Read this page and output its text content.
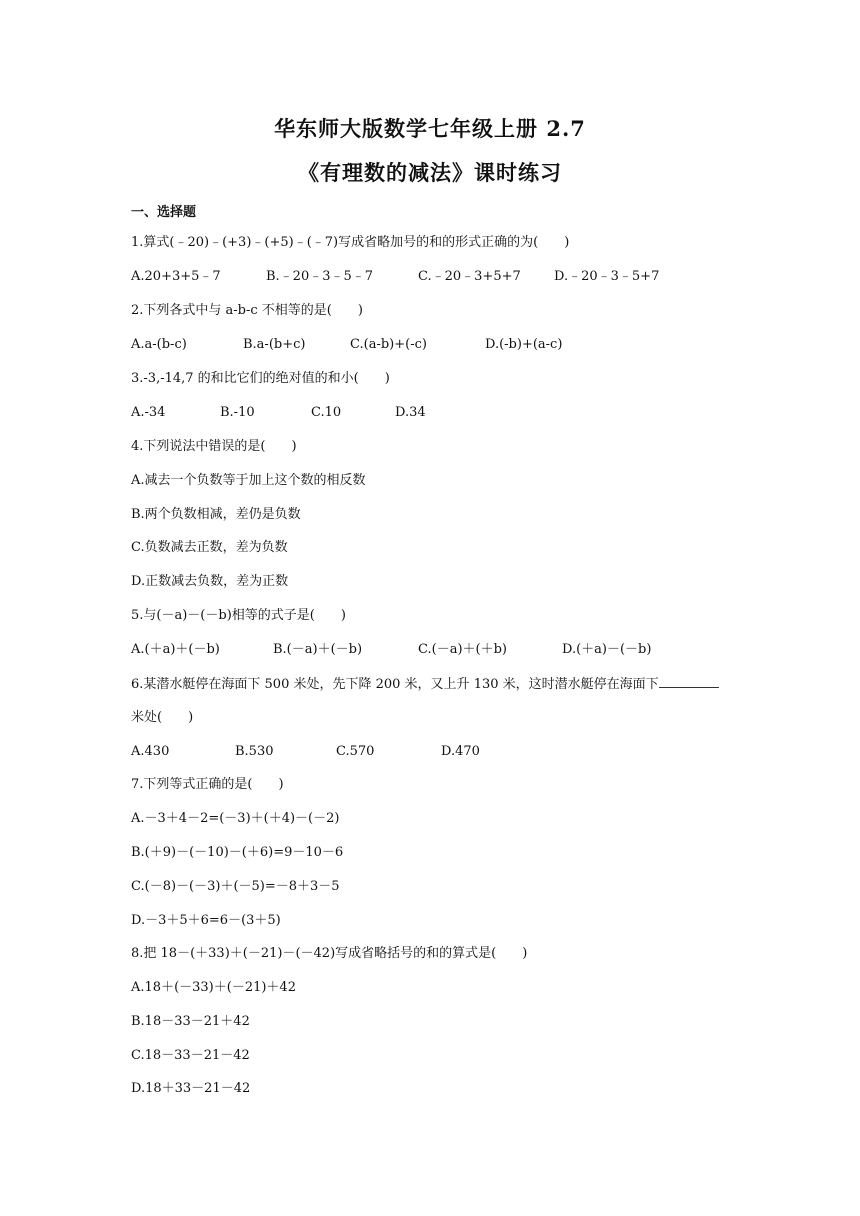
华东师大版数学七年级上册 2.7
《有理数的减法》课时练习
一、选择题
1.算式(﹣20)﹣(+3)﹣(+5)﹣(﹣7)写成省略加号的和的形式正确的为(　　)
A.20+3+5﹣7	B.﹣20﹣3﹣5﹣7	C.﹣20﹣3+5+7	D.﹣20﹣3﹣5+7
2.下列各式中与 a-b-c 不相等的是(　　)
A.a-(b-c)	B.a-(b+c)	C.(a-b)+(-c)	D.(-b)+(a-c)
3.-3,-14,7 的和比它们的绝对值的和小(　　)
A.-34	B.-10	C.10	D.34
4.下列说法中错误的是(　　)
A.减去一个负数等于加上这个数的相反数
B.两个负数相减，差仍是负数
C.负数减去正数，差为负数
D.正数减去负数，差为正数
5.与(－a)－(－b)相等的式子是(　　)
A.(＋a)＋(－b)	B.(－a)＋(－b)	C.(－a)＋(＋b)	D.(＋a)－(－b)
6.某潜水艇停在海面下 500 米处，先下降 200 米，又上升 130 米，这时潜水艇停在海面下
米处(　　)
A.430	B.530	C.570	D.470
7.下列等式正确的是(　　)
A.－3＋4－2=(－3)＋(＋4)－(－2)
B.(＋9)－(－10)－(＋6)=9－10－6
C.(－8)－(－3)＋(－5)=－8＋3－5
D.－3＋5＋6=6－(3＋5)
8.把 18－(＋33)＋(－21)－(－42)写成省略括号的和的算式是(　　)
A.18＋(－33)＋(－21)＋42
B.18－33－21＋42
C.18－33－21－42
D.18＋33－21－42
